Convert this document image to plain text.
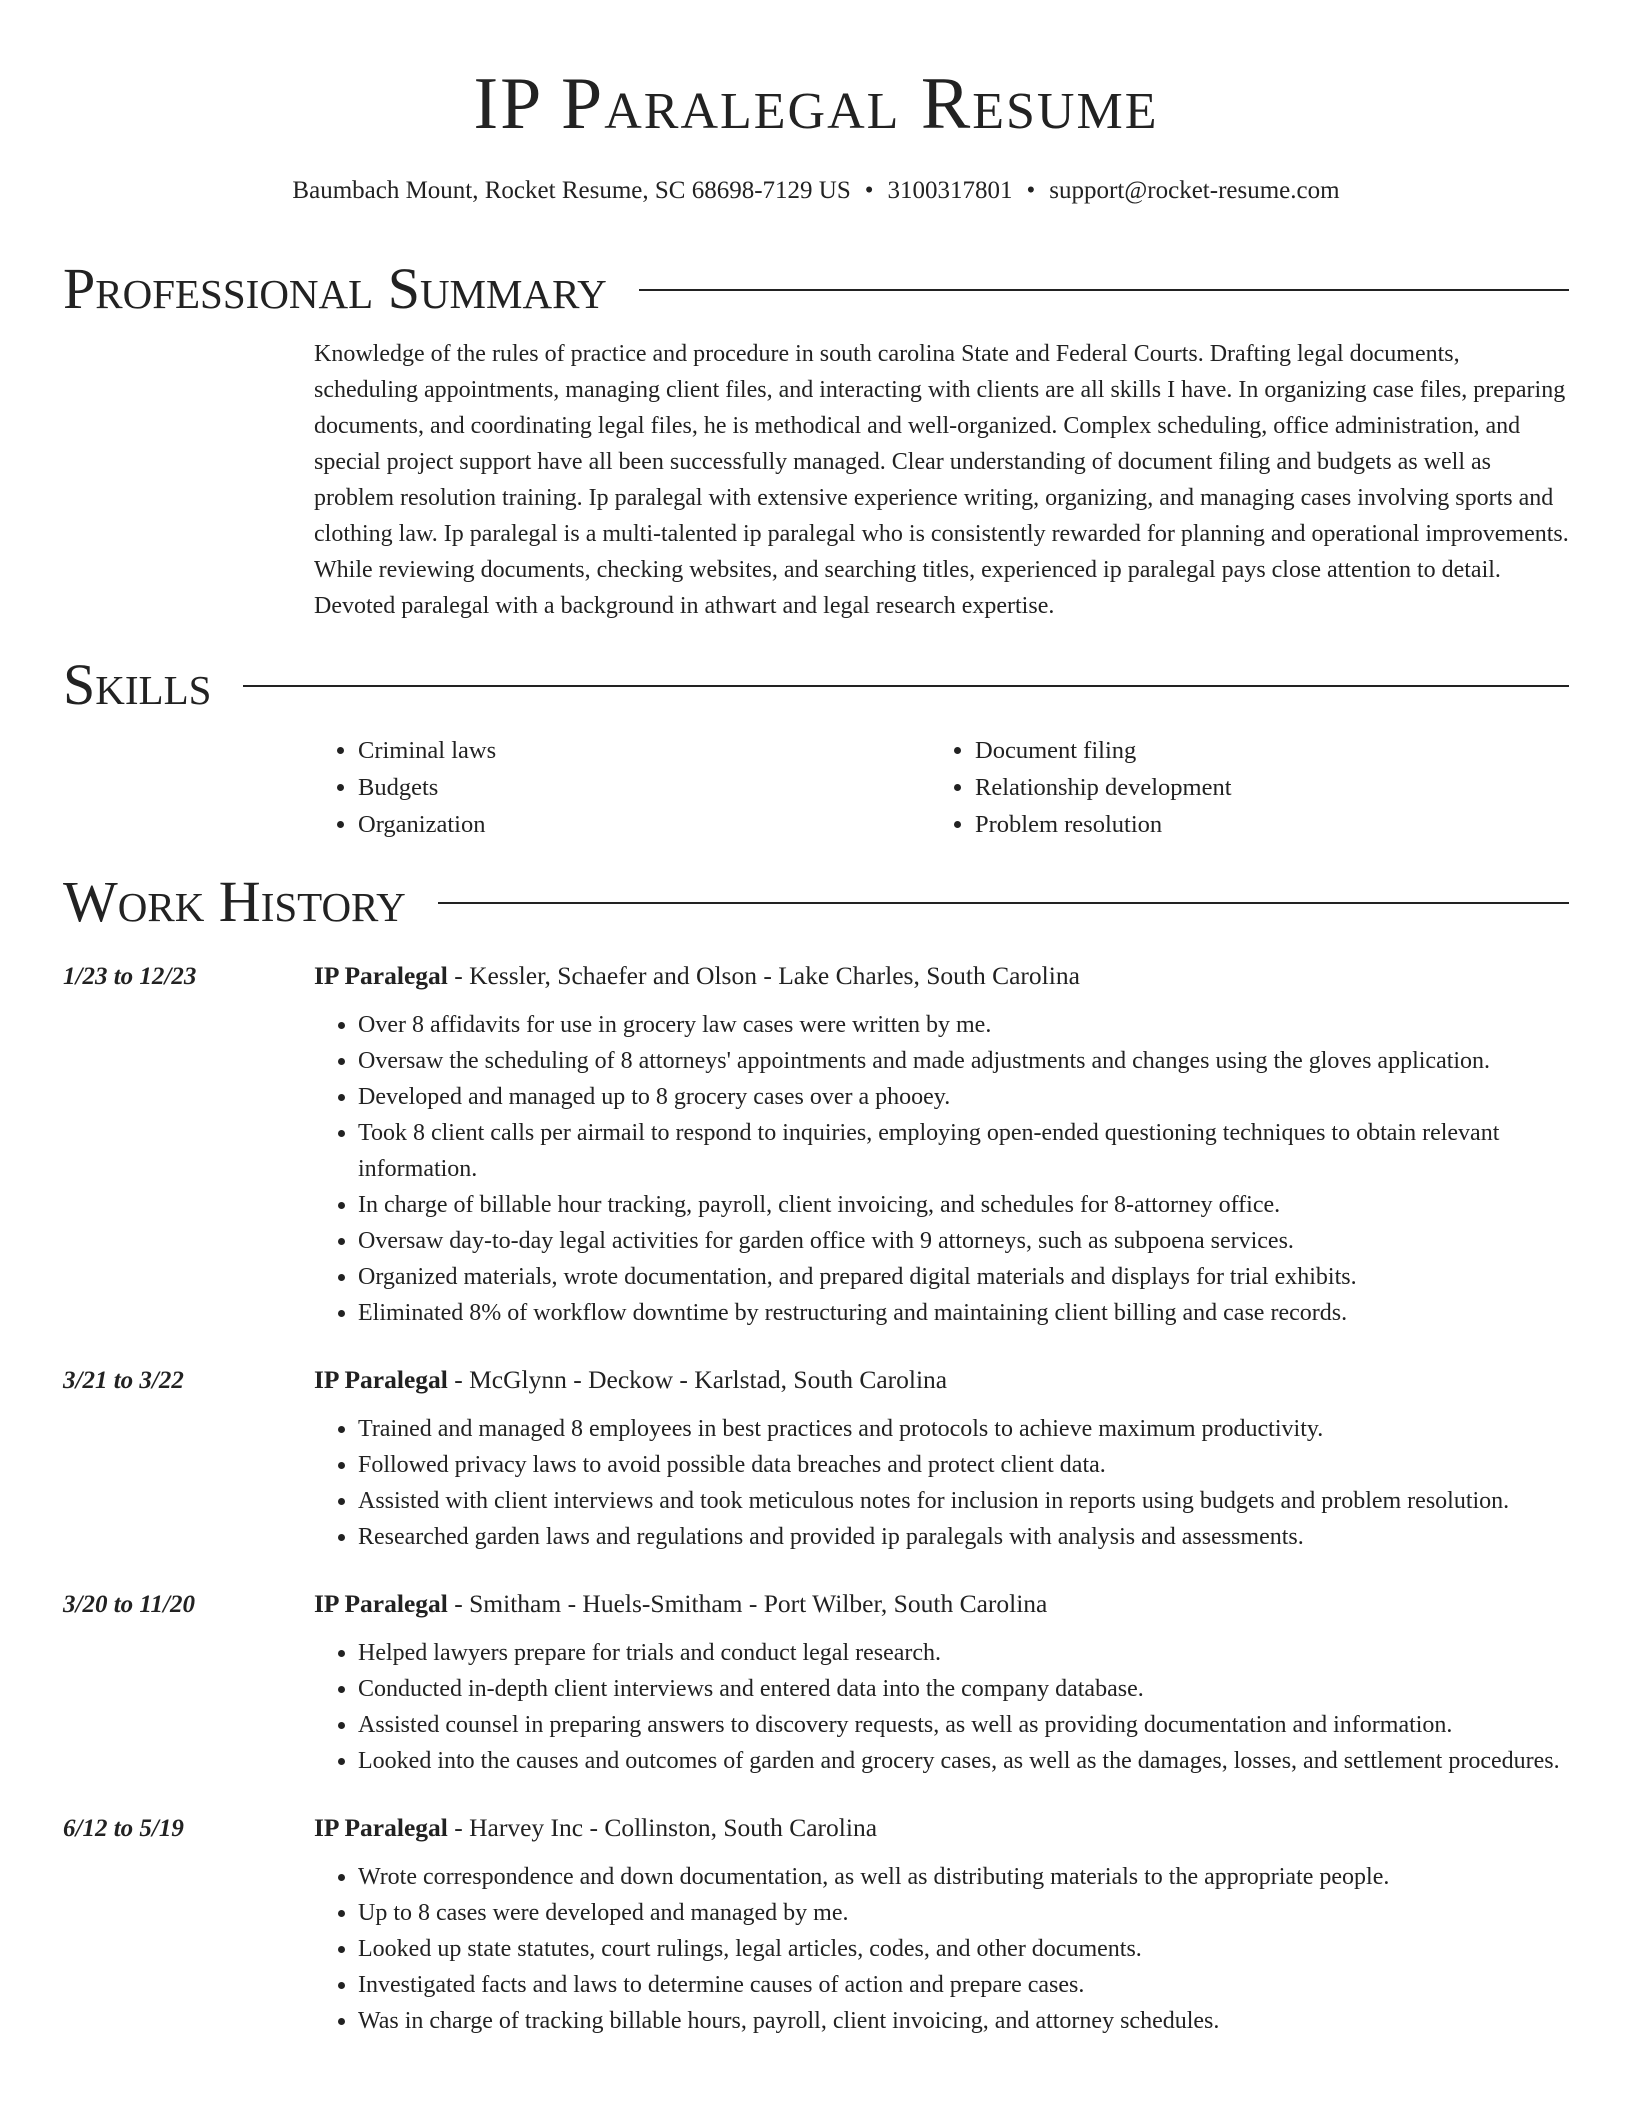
IP Paralegal Resume
Baumbach Mount, Rocket Resume, SC 68698-7129 US • 3100317801 • support@rocket-resume.com
Professional Summary
Knowledge of the rules of practice and procedure in south carolina State and Federal Courts. Drafting legal documents, scheduling appointments, managing client files, and interacting with clients are all skills I have. In organizing case files, preparing documents, and coordinating legal files, he is methodical and well-organized. Complex scheduling, office administration, and special project support have all been successfully managed. Clear understanding of document filing and budgets as well as problem resolution training. Ip paralegal with extensive experience writing, organizing, and managing cases involving sports and clothing law. Ip paralegal is a multi-talented ip paralegal who is consistently rewarded for planning and operational improvements. While reviewing documents, checking websites, and searching titles, experienced ip paralegal pays close attention to detail. Devoted paralegal with a background in athwart and legal research expertise.
Skills
• Criminal laws
• Budgets
• Organization
• Document filing
• Relationship development
• Problem resolution
Work History
1/23 to 12/23	IP Paralegal - Kessler, Schaefer and Olson - Lake Charles, South Carolina
• Over 8 affidavits for use in grocery law cases were written by me.
• Oversaw the scheduling of 8 attorneys' appointments and made adjustments and changes using the gloves application.
• Developed and managed up to 8 grocery cases over a phooey.
• Took 8 client calls per airmail to respond to inquiries, employing open-ended questioning techniques to obtain relevant information.
• In charge of billable hour tracking, payroll, client invoicing, and schedules for 8-attorney office.
• Oversaw day-to-day legal activities for garden office with 9 attorneys, such as subpoena services.
• Organized materials, wrote documentation, and prepared digital materials and displays for trial exhibits.
• Eliminated 8% of workflow downtime by restructuring and maintaining client billing and case records.
3/21 to 3/22	IP Paralegal - McGlynn - Deckow - Karlstad, South Carolina
• Trained and managed 8 employees in best practices and protocols to achieve maximum productivity.
• Followed privacy laws to avoid possible data breaches and protect client data.
• Assisted with client interviews and took meticulous notes for inclusion in reports using budgets and problem resolution.
• Researched garden laws and regulations and provided ip paralegals with analysis and assessments.
3/20 to 11/20	IP Paralegal - Smitham - Huels-Smitham - Port Wilber, South Carolina
• Helped lawyers prepare for trials and conduct legal research.
• Conducted in-depth client interviews and entered data into the company database.
• Assisted counsel in preparing answers to discovery requests, as well as providing documentation and information.
• Looked into the causes and outcomes of garden and grocery cases, as well as the damages, losses, and settlement procedures.
6/12 to 5/19	IP Paralegal - Harvey Inc - Collinston, South Carolina
• Wrote correspondence and down documentation, as well as distributing materials to the appropriate people.
• Up to 8 cases were developed and managed by me.
• Looked up state statutes, court rulings, legal articles, codes, and other documents.
• Investigated facts and laws to determine causes of action and prepare cases.
• Was in charge of tracking billable hours, payroll, client invoicing, and attorney schedules.
